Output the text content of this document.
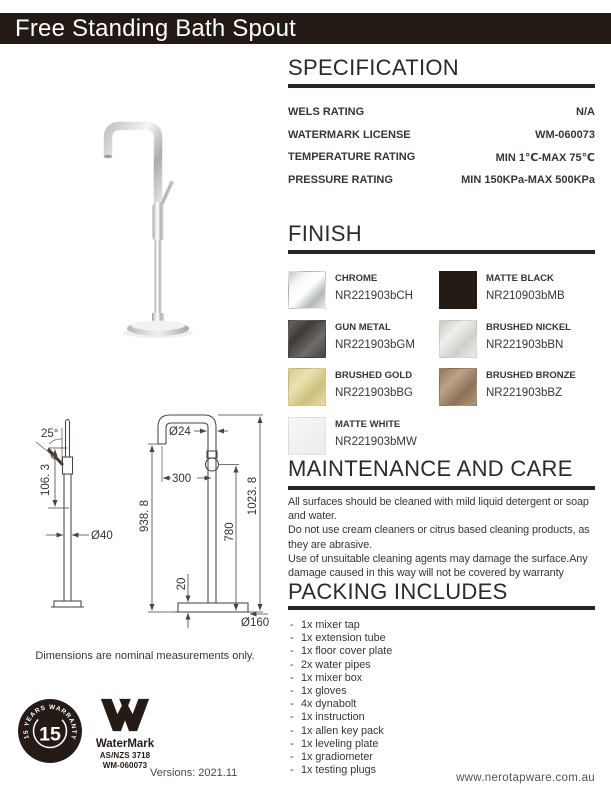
Free Standing Bath Spout
25°
106. 3
Ø40
Ø24
300
938. 8
1023. 8
780
20
Ø160
Dimensions are nominal measurements only.
15 YEARS WARRANTY
15	WaterMark
AS/NZS 3718
WM-060073
Versions: 2021.11
SPECIFICATION
WELS RATING	N/A
WATERMARK LICENSE	WM-060073
TEMPERATURE RATING	MIN 1℃-MAX 75℃
PRESSURE RATING	MIN 150KPa-MAX 500KPa
FINISH
CHROME
NR221903bCH
MATTE BLACK
NR210903bMB
GUN METAL
NR221903bGM
BRUSHED NICKEL
NR221903bBN
BRUSHED GOLD
NR221903bBG
BRUSHED BRONZE
NR221903bBZ
MATTE WHITE
NR221903bMW
MAINTENANCE AND CARE
All surfaces should be cleaned with mild liquid detergent or soap
and water.
Do not use cream cleaners or citrus based cleaning products, as
they are abrasive.
Use of unsuitable cleaning agents may damage the surface.Any
damage caused in this way will not be covered by warranty
PACKING INCLUDES
- 1x mixer tap
- 1x extension tube
- 1x floor cover plate
- 2x water pipes
- 1x mixer box
- 1x gloves
- 4x dynabolt
- 1x instruction
- 1x allen key pack
- 1x leveling plate
- 1x gradiometer
- 1x testing plugs
www.nerotapware.com.au
